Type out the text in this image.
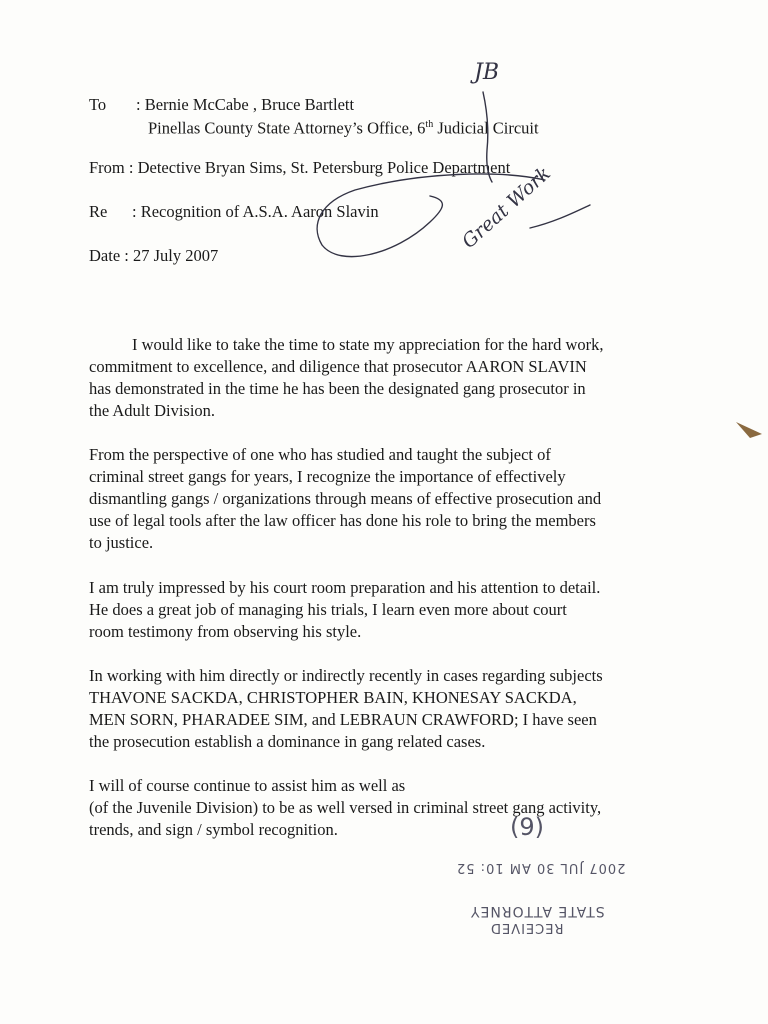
To : Bernie McCabe , Bruce Bartlett
Pinellas County State Attorney’s Office, 6th Judicial Circuit
From : Detective Bryan Sims, St. Petersburg Police Department
Re : Recognition of A.S.A. Aaron Slavin
Date : 27 July 2007
I would like to take the time to state my appreciation for the hard work,
commitment to excellence, and diligence that prosecutor AARON SLAVIN
has demonstrated in the time he has been the designated gang prosecutor in
the Adult Division.
From the perspective of one who has studied and taught the subject of
criminal street gangs for years, I recognize the importance of effectively
dismantling gangs / organizations through means of effective prosecution and
use of legal tools after the law officer has done his role to bring the members
to justice.
I am truly impressed by his court room preparation and his attention to detail.
He does a great job of managing his trials, I learn even more about court
room testimony from observing his style.
In working with him directly or indirectly recently in cases regarding subjects
THAVONE SACKDA, CHRISTOPHER BAIN, KHONESAY SACKDA,
MEN SORN, PHARADEE SIM, and LEBRAUN CRAWFORD; I have seen
the prosecution establish a dominance in gang related cases.
I will of course continue to assist him as well as
(of the Juvenile Division) to be as well versed in criminal street gang activity,
trends, and sign / symbol recognition.
JB
Great Work
(9)
2007 JUL 30 AM 10: 52
STATE ATTORNEY
RECEIVED
